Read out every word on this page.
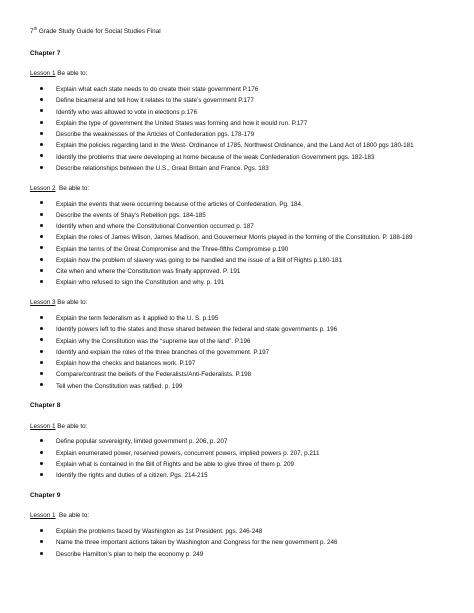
7th Grade Study Guide for Social Studies Final
Chapter 7
Lesson 1 Be able to:
Explain what each state needs to do create their state government P.176
Define bicameral and tell how it relates to the state’s government P.177
Identify who was allowed to vote in elections p.176
Explain the type of government the United States was forming and how it would run. P.177
Describe the weaknesses of the Articles of Confederation pgs. 178-179
Explain the policies regarding land in the West- Ordinance of 1785, Northwest Ordinance, and the Land Act of 1800 pgs 180-181
Identify the problems that were developing at home because of the weak Confederation Government pgs. 182-183
Describe relationships between the U.S., Great Britain and France. Pgs. 183
Lesson 2  Be able to:
Explain the events that were occurring because of the articles of Confederation. Pg. 184
Describe the events of Shay’s Rebellion pgs. 184-185
Identify when and where the Constitutional Convention occurred p. 187
Explain the roles of James Wilson, James Madison, and Gouverneur Morris played in the forming of the Constitution. P. 188-189
Explain the terms of the Great Compromise and the Three-fifths Compromise p.190
Explain how the problem of slavery was going to be handled and the issue of a Bill of Rights p.180-181
Cite when and where the Constitution was finally approved. P. 191
Explain who refused to sign the Constitution and why. p. 191
Lesson 3 Be able to:
Explain the term federalism as it applied to the U. S. p.195
Identify powers left to the states and those shared between the federal and state governments p. 196
Explain why the Constitution was the “supreme law of the land”. P.196
Identify and explain the roles of the three branches of the government. P.197
Explain how the checks and balances work. P.197
Compare/contrast the beliefs of the Federalists/Anti-Federalists. P.198
Tell when the Constitution was ratified. p. 199
Chapter 8
Lesson 1 Be able to:
Define popular sovereignty, limited government p. 206, p. 207
Explain enumerated power, reserved powers, concurrent powers, implied powers p. 207, p.211
Explain what is contained in the Bill of Rights and be able to give three of them p. 209
Identify the rights and duties of a citizen. Pgs. 214-215
Chapter 9
Lesson 1  Be able to:
Explain the problems faced by Washington as 1st President. pgs. 246-248
Name the three important actions taken by Washington and Congress for the new government p. 246
Describe Hamilton’s plan to help the economy p. 249
